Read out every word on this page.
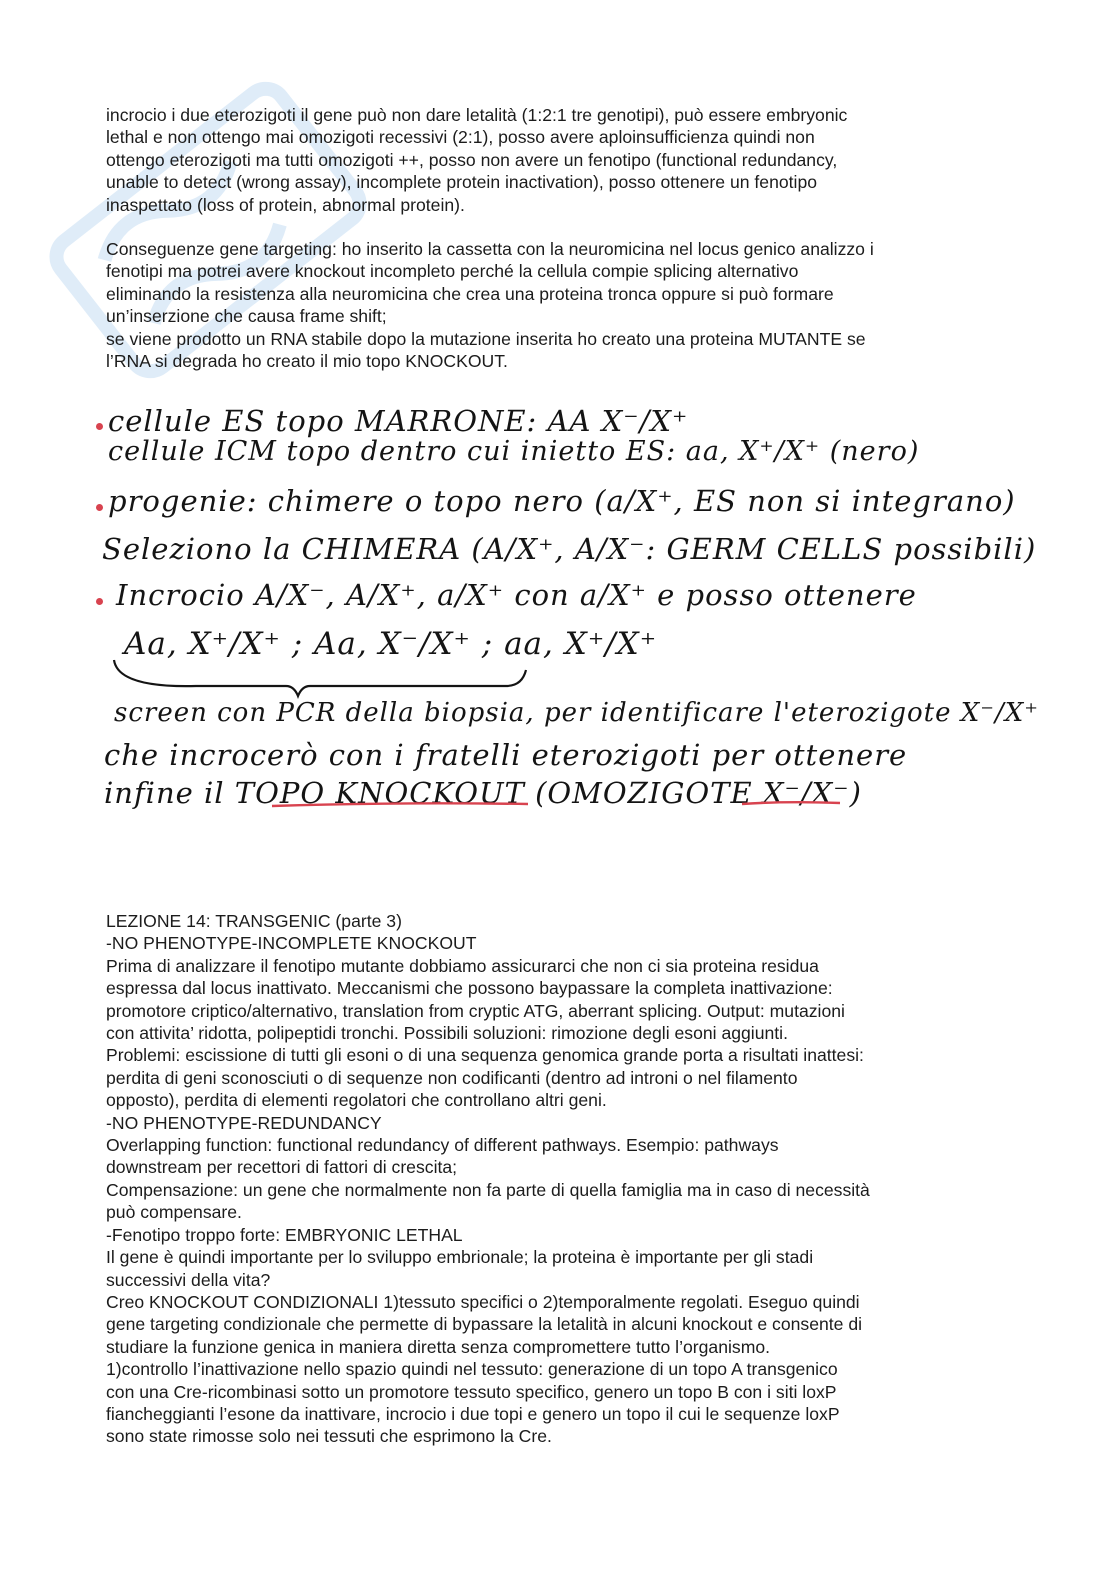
incrocio i due eterozigoti il gene può non dare letalità (1:2:1 tre genotipi), può essere embryonic
lethal e non ottengo mai omozigoti recessivi (2:1), posso avere aploinsufficienza quindi non
ottengo eterozigoti ma tutti omozigoti ++, posso non avere un fenotipo (functional redundancy,
unable to detect (wrong assay), incomplete protein inactivation), posso ottenere un fenotipo
inaspettato (loss of protein, abnormal protein).
Conseguenze gene targeting: ho inserito la cassetta con la neuromicina nel locus genico analizzo i
fenotipi ma potrei avere knockout incompleto perché la cellula compie splicing alternativo
eliminando la resistenza alla neuromicina che crea una proteina tronca oppure si può formare
un’inserzione che causa frame shift;
se viene prodotto un RNA stabile dopo la mutazione inserita ho creato una proteina MUTANTE se
l’RNA si degrada ho creato il mio topo KNOCKOUT.
cellule ES topo MARRONE: AA X⁻/X⁺
cellule ICM topo dentro cui inietto ES: aa, X⁺/X⁺ (nero)
progenie: chimere o topo nero (a/X⁺, ES non si integrano)
Seleziono la CHIMERA (A/X⁺, A/X⁻: GERM CELLS possibili)
Incrocio A/X⁻, A/X⁺, a/X⁺ con a/X⁺ e posso ottenere
Aa, X⁺/X⁺ ; Aa, X⁻/X⁺ ; aa, X⁺/X⁺
screen con PCR della biopsia, per identificare l'eterozigote X⁻/X⁺
che incrocerò con i fratelli eterozigoti per ottenere
infine il TOPO KNOCKOUT (OMOZIGOTE X⁻/X⁻)
LEZIONE 14: TRANSGENIC (parte 3)
-NO PHENOTYPE-INCOMPLETE KNOCKOUT
Prima di analizzare il fenotipo mutante dobbiamo assicurarci che non ci sia proteina residua
espressa dal locus inattivato. Meccanismi che possono baypassare la completa inattivazione:
promotore criptico/alternativo, translation from cryptic ATG, aberrant splicing. Output: mutazioni
con attivita’ ridotta, polipeptidi tronchi. Possibili soluzioni: rimozione degli esoni aggiunti.
Problemi: escissione di tutti gli esoni o di una sequenza genomica grande porta a risultati inattesi:
perdita di geni sconosciuti o di sequenze non codificanti (dentro ad introni o nel filamento
opposto), perdita di elementi regolatori che controllano altri geni.
-NO PHENOTYPE-REDUNDANCY
Overlapping function: functional redundancy of different pathways. Esempio: pathways
downstream per recettori di fattori di crescita;
Compensazione: un gene che normalmente non fa parte di quella famiglia ma in caso di necessità
può compensare.
-Fenotipo troppo forte: EMBRYONIC LETHAL
Il gene è quindi importante per lo sviluppo embrionale; la proteina è importante per gli stadi
successivi della vita?
Creo KNOCKOUT CONDIZIONALI 1)tessuto specifici o 2)temporalmente regolati. Eseguo quindi
gene targeting condizionale che permette di bypassare la letalità in alcuni knockout e consente di
studiare la funzione genica in maniera diretta senza compromettere tutto l’organismo.
1)controllo l’inattivazione nello spazio quindi nel tessuto: generazione di un topo A transgenico
con una Cre-ricombinasi sotto un promotore tessuto specifico, genero un topo B con i siti loxP
fiancheggianti l’esone da inattivare, incrocio i due topi e genero un topo il cui le sequenze loxP
sono state rimosse solo nei tessuti che esprimono la Cre.
